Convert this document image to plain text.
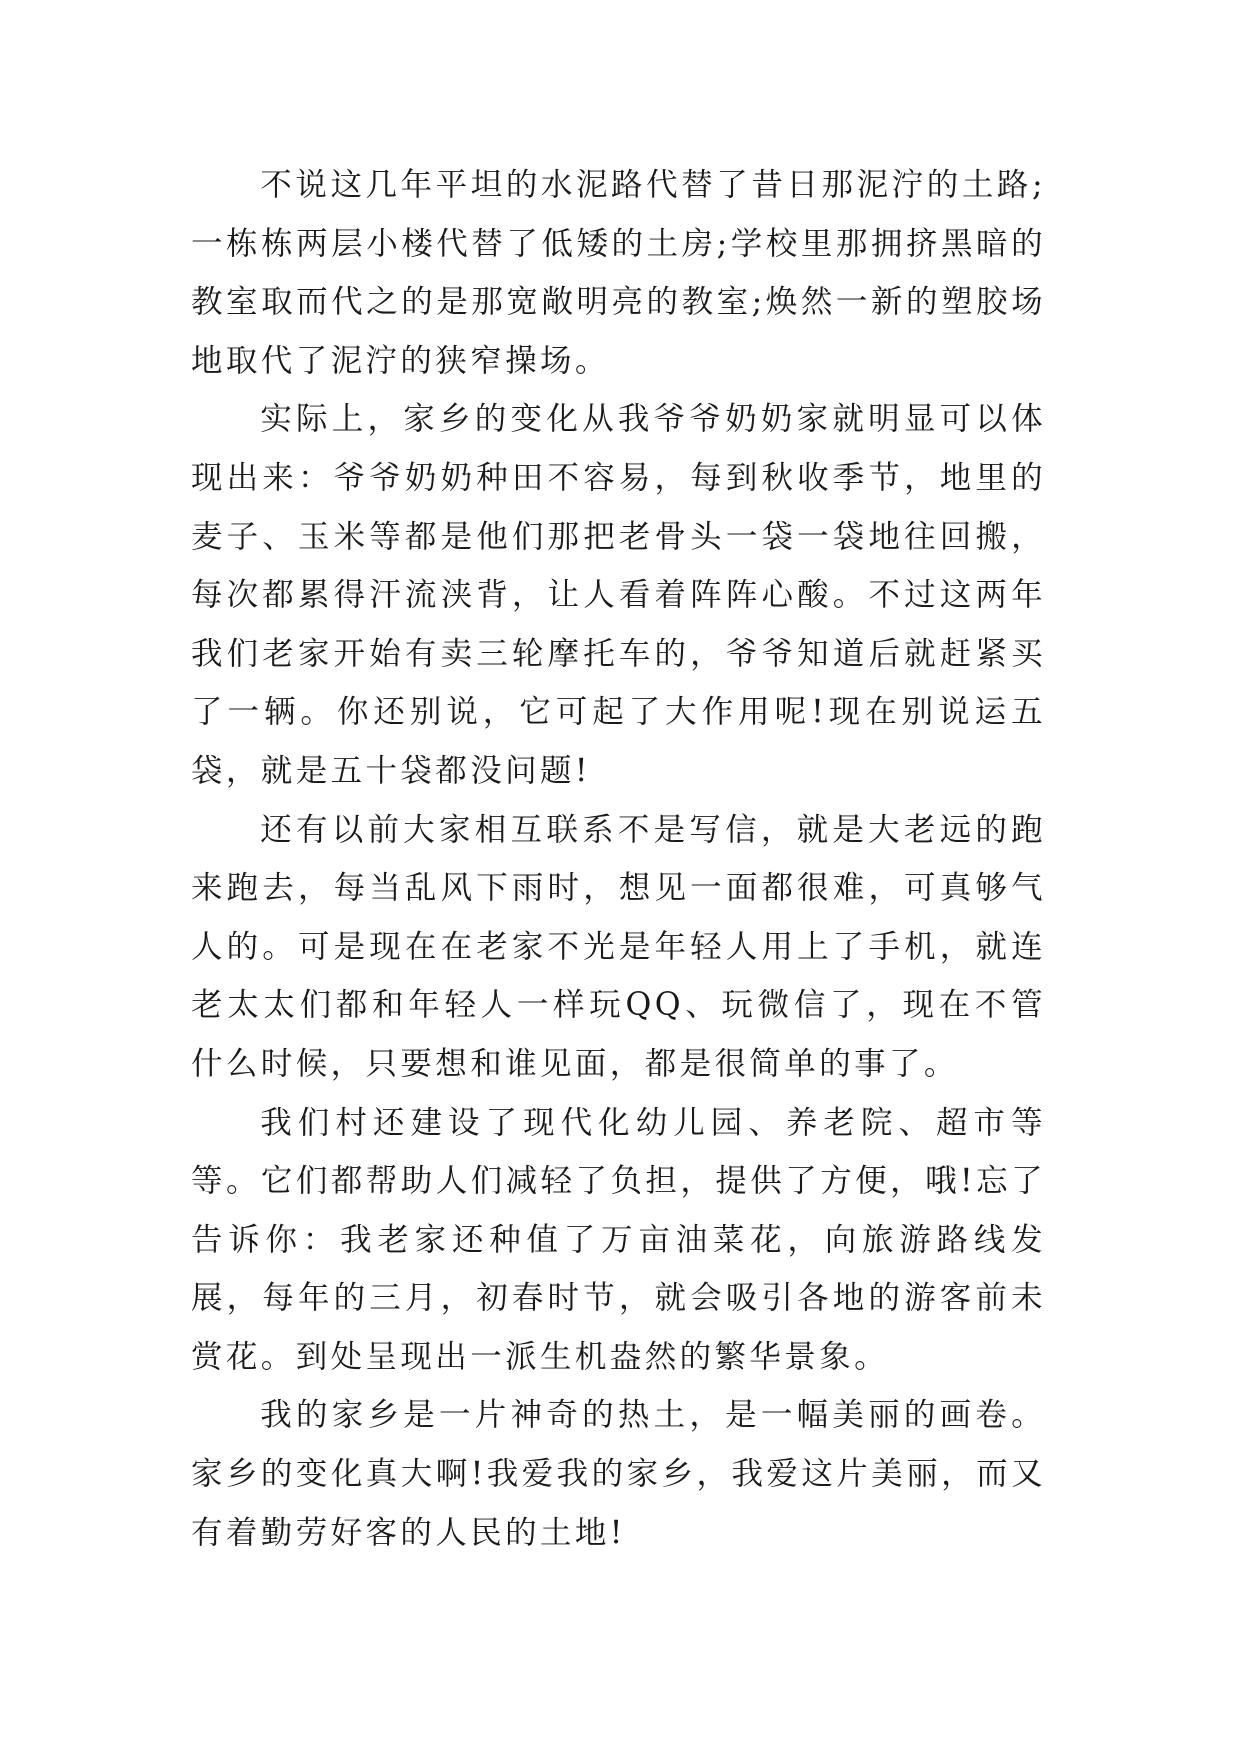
不说这几年平坦的水泥路代替了昔日那泥泞的土路;一栋栋两层小楼代替了低矮的土房;学校里那拥挤黑暗的教室取而代之的是那宽敞明亮的教室;焕然一新的塑胶场地取代了泥泞的狭窄操场。

实际上，家乡的变化从我爷爷奶奶家就明显可以体现出来：爷爷奶奶种田不容易，每到秋收季节，地里的麦子、玉米等都是他们那把老骨头一袋一袋地往回搬，每次都累得汗流浃背，让人看着阵阵心酸。不过这两年我们老家开始有卖三轮摩托车的，爷爷知道后就赶紧买了一辆。你还别说，它可起了大作用呢!现在别说运五袋，就是五十袋都没问题!

还有以前大家相互联系不是写信，就是大老远的跑来跑去，每当乱风下雨时，想见一面都很难，可真够气人的。可是现在在老家不光是年轻人用上了手机，就连老太太们都和年轻人一样玩QQ、玩微信了，现在不管什么时候，只要想和谁见面，都是很简单的事了。

我们村还建设了现代化幼儿园、养老院、超市等等。它们都帮助人们减轻了负担，提供了方便，哦!忘了告诉你：我老家还种值了万亩油菜花，向旅游路线发展，每年的三月，初春时节，就会吸引各地的游客前未赏花。到处呈现出一派生机盎然的繁华景象。

我的家乡是一片神奇的热土，是一幅美丽的画卷。家乡的变化真大啊!我爱我的家乡，我爱这片美丽，而又有着勤劳好客的人民的土地!
